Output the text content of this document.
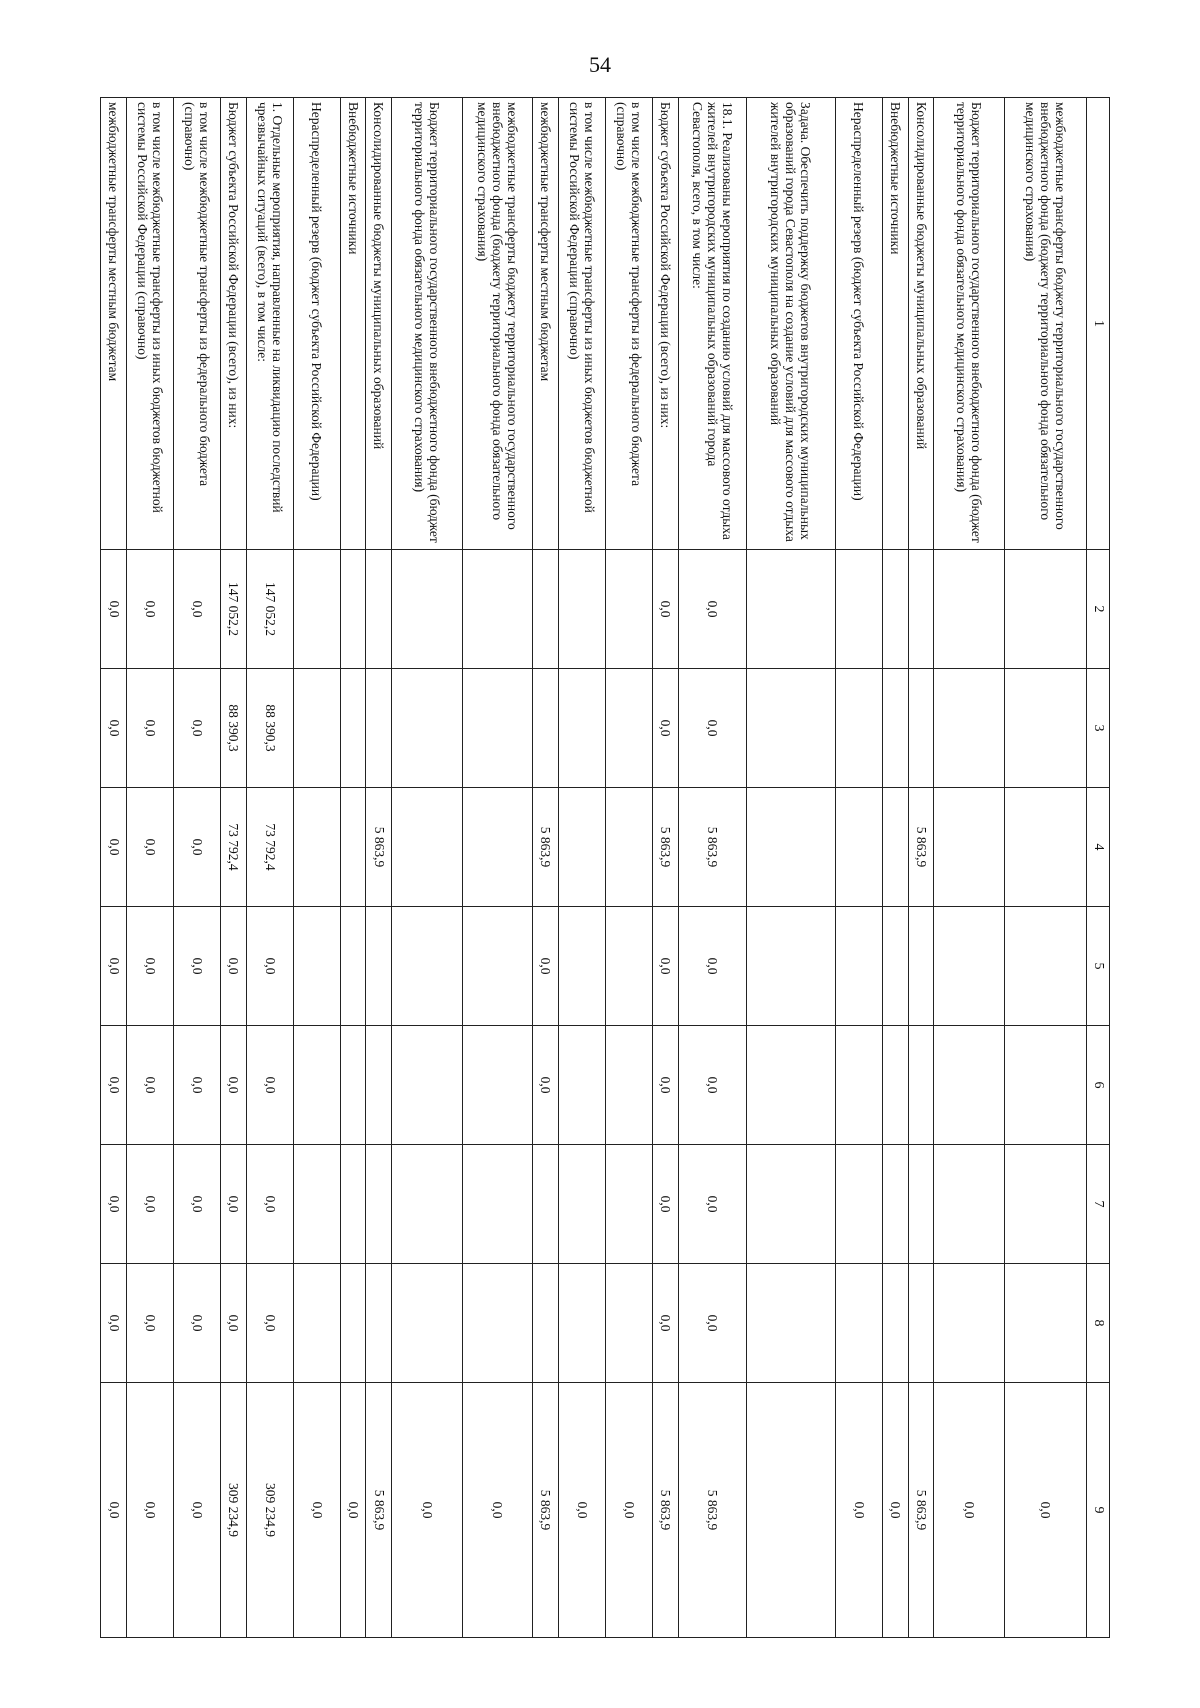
54
1	2	3	4	5	6	7	8	9
межбюджетные трансферты бюджету территориального государственного внебюджетного фонда (бюджету территориального фонда обязательного медицинского страхования)								0,0
Бюджет территориального государственного внебюджетного фонда (бюджет территориального фонда обязательного медицинского страхования)								0,0
Консолидированные бюджеты муниципальных образований			5 863,9					5 863,9
Внебюджетные источники								0,0
Нераспределенный резерв (бюджет субъекта Российской Федерации)								0,0
Задача. Обеспечить поддержку бюджетов внутригородских муниципальных образований города Севастополя на создание условий для массового отдыха жителей внутригородских муниципальных образований								
18.1. Реализованы мероприятия по созданию условий для массового отдыха жителей внутригородских муниципальных образований города Севастополя, всего, в том числе:	0,0	0,0	5 863,9	0,0	0,0	0,0	0,0	5 863,9
Бюджет субъекта Российской Федерации (всего), из них:	0,0	0,0	5 863,9	0,0	0,0	0,0	0,0	5 863,9
в том числе межбюджетные трансферты из федерального бюджета (справочно)								0,0
в том числе межбюджетные трансферты из иных бюджетов бюджетной системы Российской Федерации (справочно)								0,0
межбюджетные трансферты местным бюджетам			5 863,9	0,0	0,0			5 863,9
межбюджетные трансферты бюджету территориального государственного внебюджетного фонда (бюджету территориального фонда обязательного медицинского страхования)								0,0
Бюджет территориального государственного внебюджетного фонда (бюджет территориального фонда обязательного медицинского страхования)								0,0
Консолидированные бюджеты муниципальных образований			5 863,9					5 863,9
Внебюджетные источники								0,0
Нераспределенный резерв (бюджет субъекта Российской Федерации)								0,0
1. Отдельные мероприятия, направленные на ликвидацию последствий чрезвычайных ситуаций (всего), в том числе:	147 052,2	88 390,3	73 792,4	0,0	0,0	0,0	0,0	309 234,9
Бюджет субъекта Российской Федерации (всего), из них:	147 052,2	88 390,3	73 792,4	0,0	0,0	0,0	0,0	309 234,9
в том числе межбюджетные трансферты из федерального бюджета (справочно)	0,0	0,0	0,0	0,0	0,0	0,0	0,0	0,0
в том числе межбюджетные трансферты из иных бюджетов бюджетной системы Российской Федерации (справочно)	0,0	0,0	0,0	0,0	0,0	0,0	0,0	0,0
межбюджетные трансферты местным бюджетам	0,0	0,0	0,0	0,0	0,0	0,0	0,0	0,0
